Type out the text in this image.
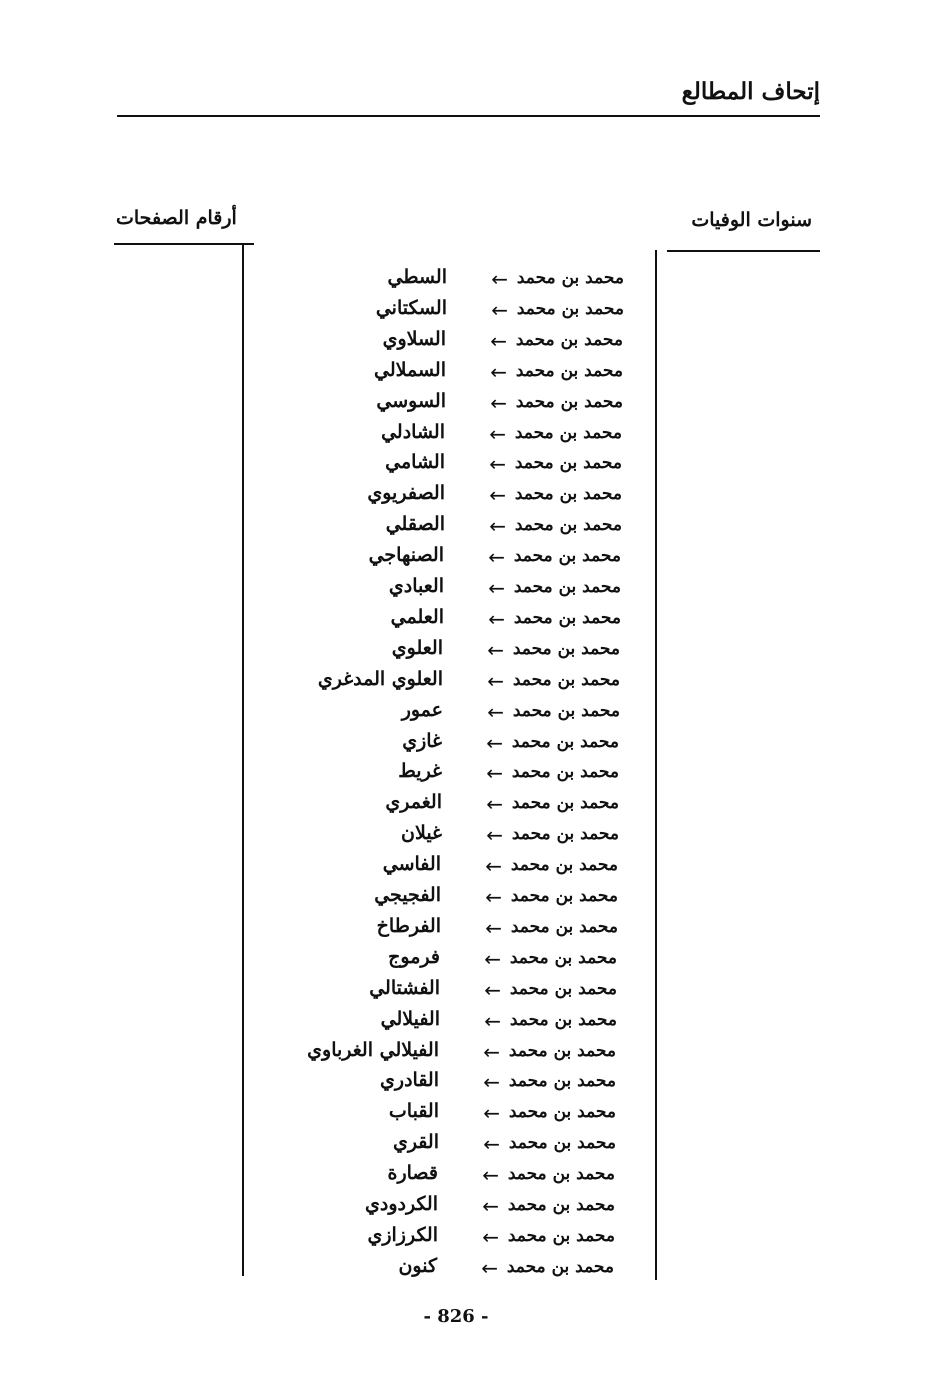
إتحاف المطالع
سنوات الوفيات
أرقام الصفحات
محمد بن محمد
←
السطي
محمد بن محمد
←
السكتاني
محمد بن محمد
←
السلاوي
محمد بن محمد
←
السملالي
محمد بن محمد
←
السوسي
محمد بن محمد
←
الشادلي
محمد بن محمد
←
الشامي
محمد بن محمد
←
الصفريوي
محمد بن محمد
←
الصقلي
محمد بن محمد
←
الصنهاجي
محمد بن محمد
←
العبادي
محمد بن محمد
←
العلمي
محمد بن محمد
←
العلوي
محمد بن محمد
←
العلوي المدغري
محمد بن محمد
←
عمور
محمد بن محمد
←
غازي
محمد بن محمد
←
غريط
محمد بن محمد
←
الغمري
محمد بن محمد
←
غيلان
محمد بن محمد
←
الفاسي
محمد بن محمد
←
الفجيجي
محمد بن محمد
←
الفرطاخ
محمد بن محمد
←
فرموج
محمد بن محمد
←
الفشتالي
محمد بن محمد
←
الفيلالي
محمد بن محمد
←
الفيلالي الغرباوي
محمد بن محمد
←
القادري
محمد بن محمد
←
القباب
محمد بن محمد
←
القري
محمد بن محمد
←
قصارة
محمد بن محمد
←
الكردودي
محمد بن محمد
←
الكرزازي
محمد بن محمد
←
كنون
- 826 -
